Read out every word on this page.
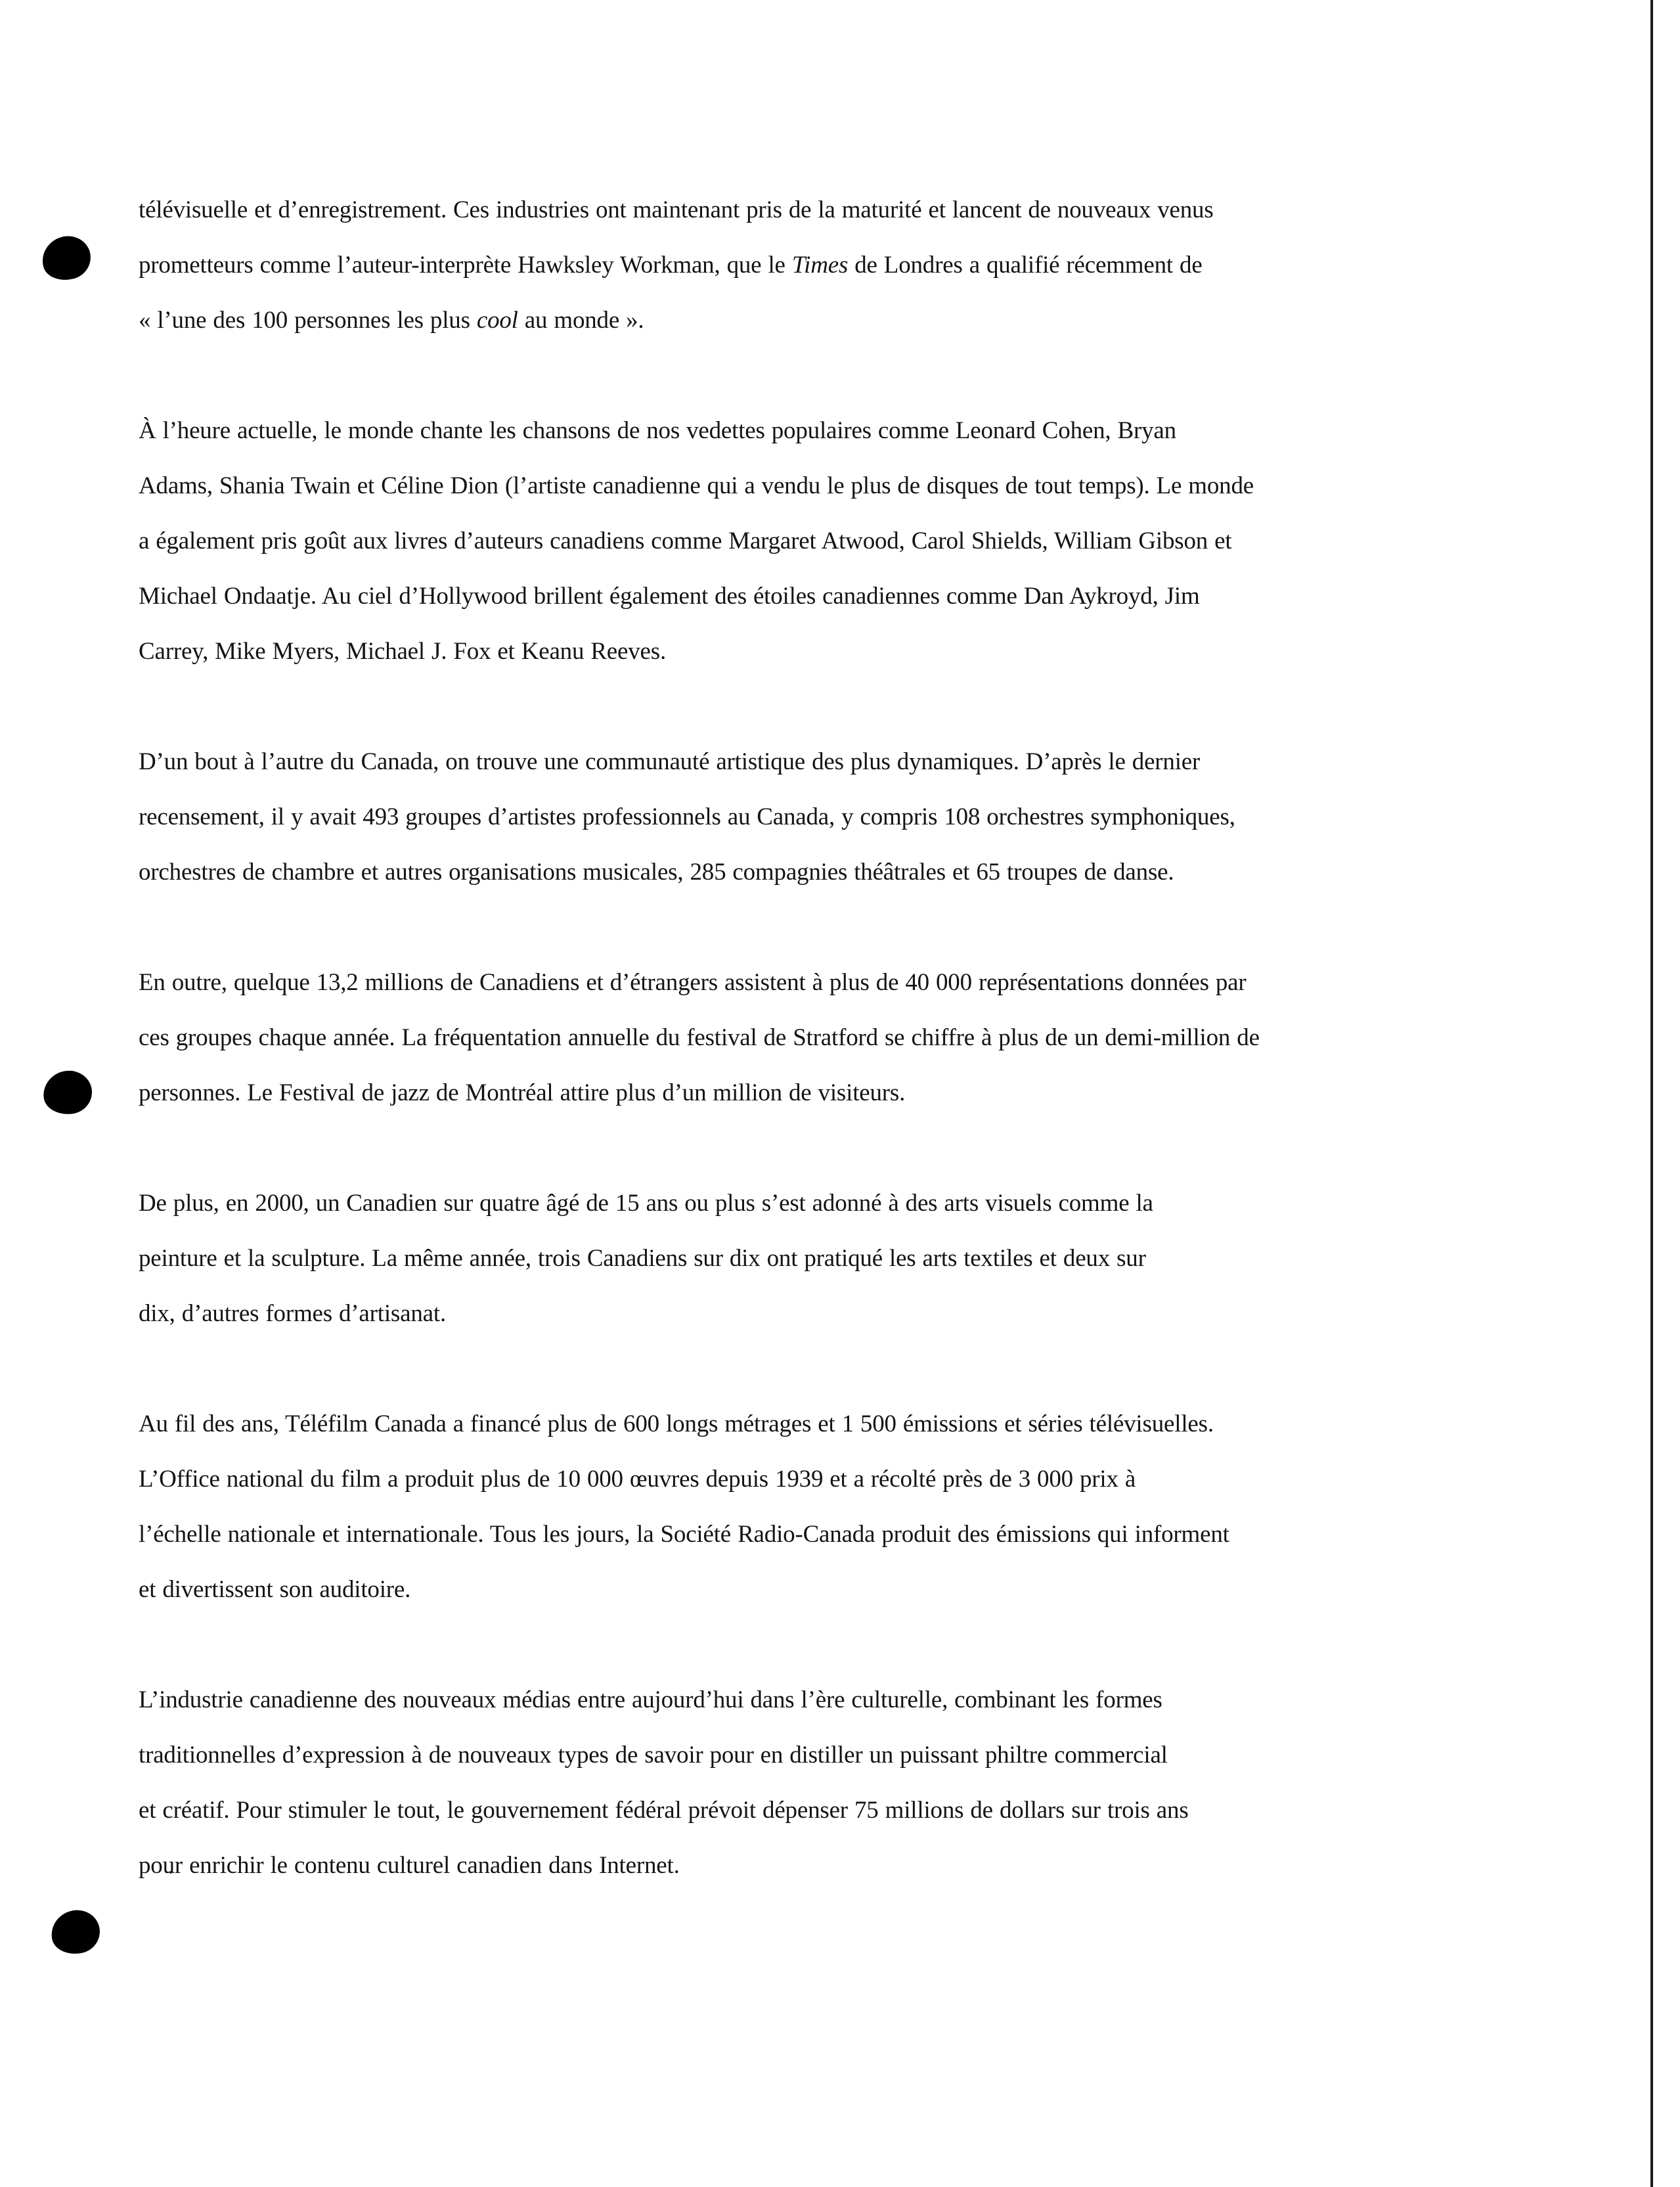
télévisuelle et d’enregistrement. Ces industries ont maintenant pris de la maturité et lancent de nouveaux venus
prometteurs comme l’auteur-interprète Hawksley Workman, que le Times de Londres a qualifié récemment de
« l’une des 100 personnes les plus cool au monde ».

À l’heure actuelle, le monde chante les chansons de nos vedettes populaires comme Leonard Cohen, Bryan
Adams, Shania Twain et Céline Dion (l’artiste canadienne qui a vendu le plus de disques de tout temps). Le monde
a également pris goût aux livres d’auteurs canadiens comme Margaret Atwood, Carol Shields, William Gibson et
Michael Ondaatje. Au ciel d’Hollywood brillent également des étoiles canadiennes comme Dan Aykroyd, Jim
Carrey, Mike Myers, Michael J. Fox et Keanu Reeves.

D’un bout à l’autre du Canada, on trouve une communauté artistique des plus dynamiques. D’après le dernier
recensement, il y avait 493 groupes d’artistes professionnels au Canada, y compris 108 orchestres symphoniques,
orchestres de chambre et autres organisations musicales, 285 compagnies théâtrales et 65 troupes de danse.

En outre, quelque 13,2 millions de Canadiens et d’étrangers assistent à plus de 40 000 représentations données par
ces groupes chaque année. La fréquentation annuelle du festival de Stratford se chiffre à plus de un demi-million de
personnes. Le Festival de jazz de Montréal attire plus d’un million de visiteurs.

De plus, en 2000, un Canadien sur quatre âgé de 15 ans ou plus s’est adonné à des arts visuels comme la
peinture et la sculpture. La même année, trois Canadiens sur dix ont pratiqué les arts textiles et deux sur
dix, d’autres formes d’artisanat.

Au fil des ans, Téléfilm Canada a financé plus de 600 longs métrages et 1 500 émissions et séries télévisuelles.
L’Office national du film a produit plus de 10 000 œuvres depuis 1939 et a récolté près de 3 000 prix à
l’échelle nationale et internationale. Tous les jours, la Société Radio-Canada produit des émissions qui informent
et divertissent son auditoire.

L’industrie canadienne des nouveaux médias entre aujourd’hui dans l’ère culturelle, combinant les formes
traditionnelles d’expression à de nouveaux types de savoir pour en distiller un puissant philtre commercial
et créatif. Pour stimuler le tout, le gouvernement fédéral prévoit dépenser 75 millions de dollars sur trois ans
pour enrichir le contenu culturel canadien dans Internet.
